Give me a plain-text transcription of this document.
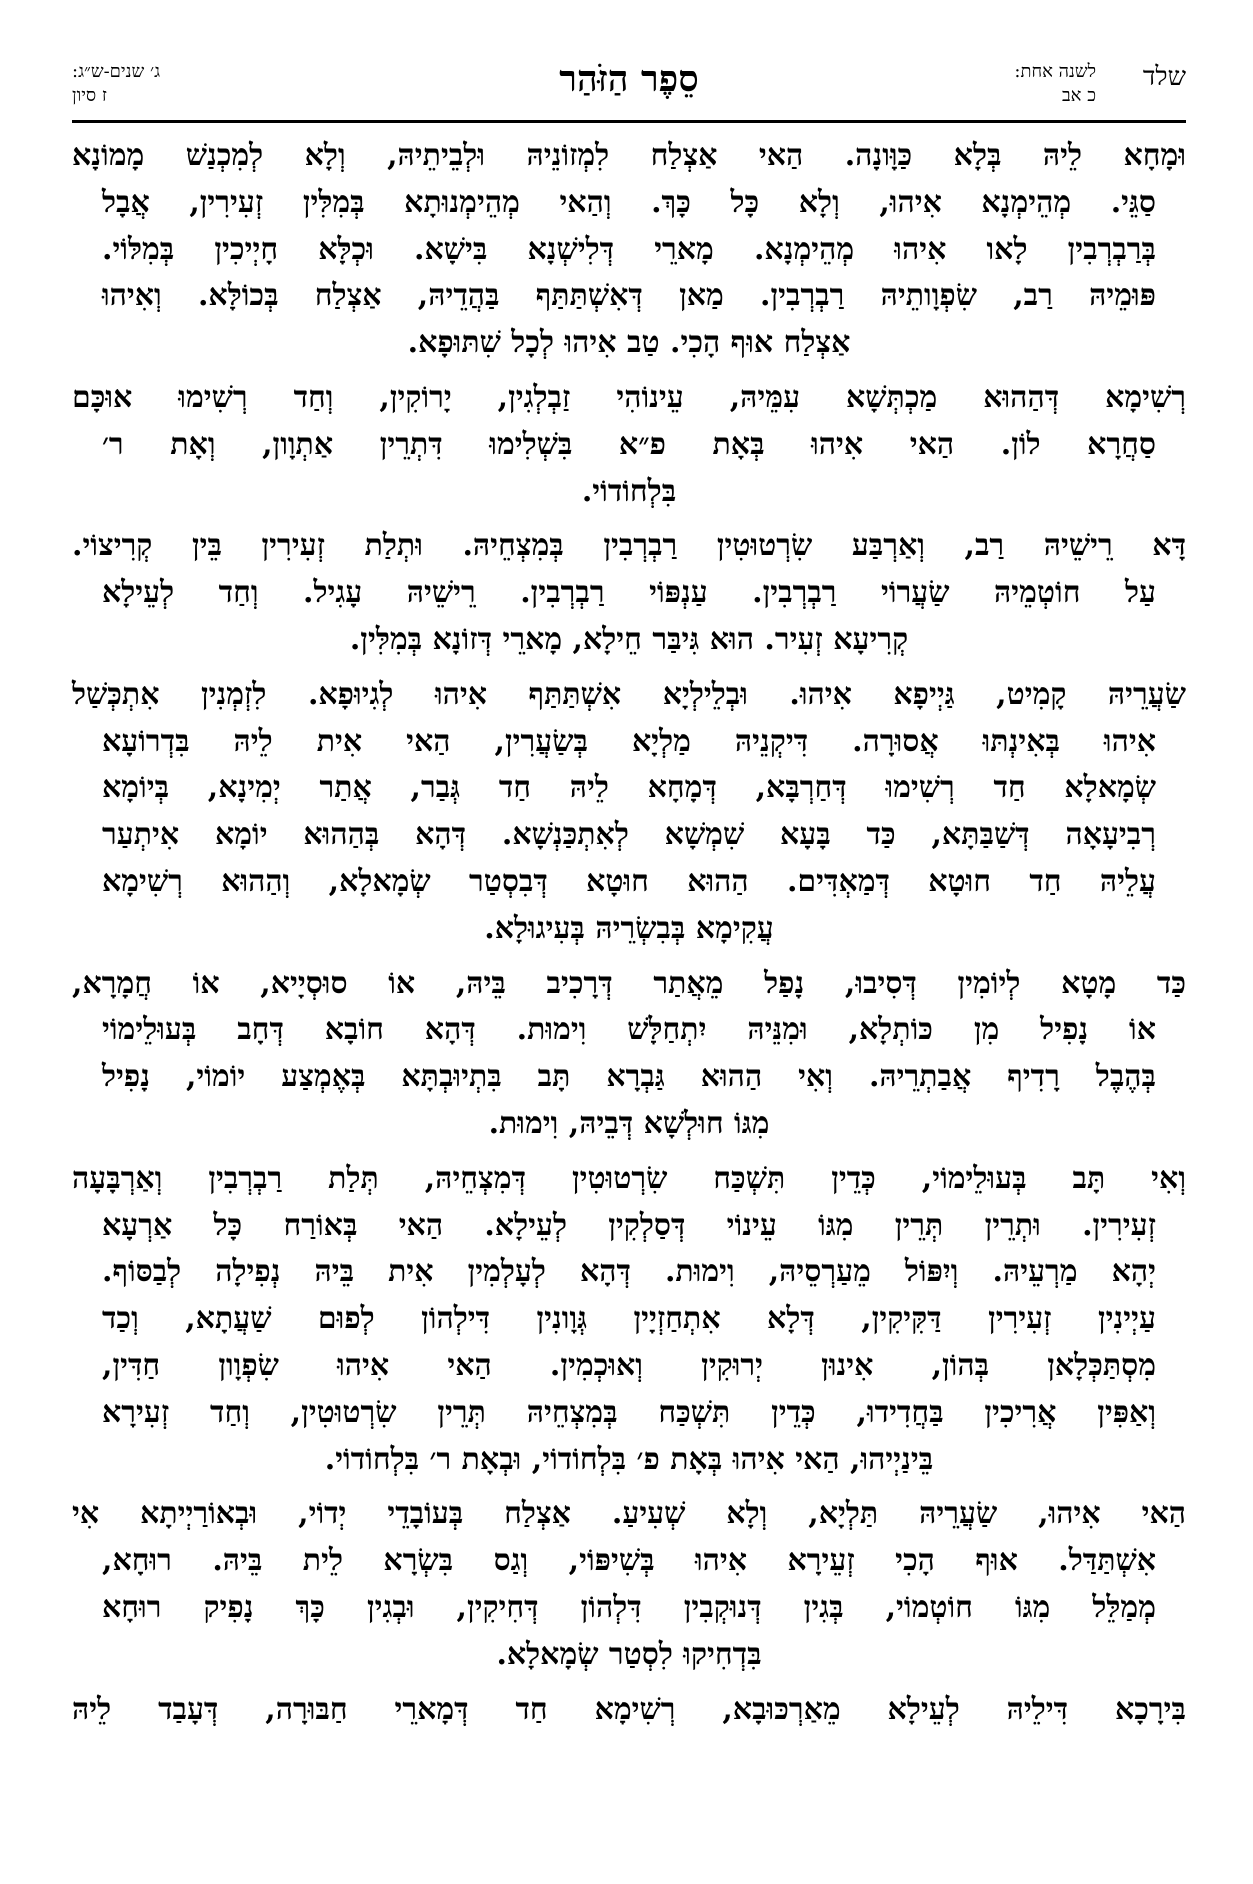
שלד
לשנה אחת:
כ אב
סֵפֶר הַזֹּהַר
ג׳ שנים-ש״ג:
ז סיון
וּמָחָא לֵיהּ בְּלָא כַּוָּונָה. הַאי אַצְלַח לִמְזוֹנֵיהּ וּלְבֵיתֵיהּ, וְלָא לְמִכְנַשׁ מָמוֹנָא
סַגֵּי. מְהֵימְנָא אִיהוּ, וְלָא כָּל כָּךְ. וְהַאי מְהֵימְנוּתָא בְּמִלִּין זְעִירִין, אֲבָל
בְּרַבְרְבִין לָאו אִיהוּ מְהֵימְנָא. מָארֵי דְּלִישְׁנָא בִּישָׁא. וּכְלָּא חָיְיכִין בְּמִלּוֹי.
פּוּמֵיהּ רַב, שִׂפְוָותֵיהּ רַבְרְבִין. מַאן דְּאִשְׁתַּתַּף בַּהֲדֵיהּ, אַצְלַח בְּכוֹלָּא. וְאִיהוּ
אַצְלַח אוּף הָכִי. טַב אִיהוּ לְכָל שִׁתּוּפָא.
רְשִׁימָא דְּהַהוּא מַכְתְּשָׁא עִמֵּיהּ, עֵינוֹהִי זַבְלְגִין, יָרוֹקִין, וְחַד רְשִׁימוּ אוּכָּם
סַחֲרָא לוֹן. הַאי אִיהוּ בְּאָת פ״א בִּשְׁלִימוּ דִּתְרֵין אַתְוָון, וְאָת ר׳
בִּלְחוֹדוֹי.
דָּא רֵישֵׁיהּ רַב, וְאַרְבַּע שִׂרְטוּטִין רַבְרְבִין בְּמִצְחֵיהּ. וּתְלַת זְעִירִין בֵּין קְרִיצוֹי.
עַל חוֹטְמֵיהּ שַׂעֲרוֹי רַבְרְבִין. עַנְפּוֹי רַבְרְבִין. רֵישֵׁיהּ עָגִיל. וְחַד לְעֵילָא
קְרִיעָא זְעִיר. הוּא גִּיבַּר חֵילָא, מָארֵי דְּזוֹנָא בְּמִלִּין.
שַׂעֲרֵיהּ קָמִיט, גַּיְיפָא אִיהוּ. וּבְלֵילְיָא אִשְׁתַּתַּף אִיהוּ לְגִיוּפָא. לִזְמְנִין אִתְכְּשַׁל
אִיהוּ בְּאִינְתּוּ אֲסוּרָה. דִּיקְנֵיהּ מַלְיָא בְּשַׂעֲרִין, הַאי אִית לֵיהּ בִּדְרוֹעָא
שְׂמָאלָא חַד רְשִׁימוּ דְּחַרְבָּא, דְּמָחָא לֵיהּ חַד גְּבַר, אֲתַר יְמִינָא, בְּיוֹמָא
רְבִיעָאָה דְּשַׁבַּתָּא, כַּד בָּעָא שִׁמְשָׁא לְאִתְכַּנְשָׁא. דְּהָא בְּהַהוּא יוֹמָא אִיתְעַר
עֲלֵיהּ חַד חוּטָא דְּמַאְדִּים. הַהוּא חוּטָא דְּבִסְטַר שְׂמָאלָא, וְהַהוּא רְשִׁימָא
עֲקִימָא בְּבִשְׂרֵיהּ בְּעִיגוּלָא.
כַּד מָטָא לְיוֹמִין דְּסִיבוּ, נָפַל מֵאֲתַר דְּרָכִיב בֵּיהּ, אוֹ סוּסְיָיא, אוֹ חֲמָרָא,
אוֹ נָפִיל מִן כּוֹתְלָא, וּמִנֵּיהּ יִתְחַלָּשׁ וִימוּת. דְּהָא חוֹבָא דְּחָב בְּעוּלֵימוֹי
בְּהֶבֶל רָדִיף אֲבַתְרֵיהּ. וְאִי הַהוּא גַּבְרָא תָּב בִּתְיוּבְתָּא בְּאֶמְצַע יוֹמוֹי, נָפִיל
מִגּוֹ חוּלְשָׁא דְּבֵיהּ, וִימוּת.
וְאִי תָּב בְּעוּלֵימוֹי, כְּדֵין תִּשְׁכַּח שִׂרְטוּטִין דְּמִצְחֵיהּ, תְּלַת רַבְרְבִין וְאַרְבָּעָה
זְעִירִין. וּתְרֵין תְּרֵין מִגּוֹ עֵינוֹי דְּסַלְקִין לְעֵילָא. הַאי בְּאוֹרַח כָּל אַרְעָא
יְהָא מַרְעֵיהּ. וְיִפּוֹל מֵעַרְסֵיהּ, וִימוּת. דְּהָא לְעָלְמִין אִית בֵּיהּ נְפִילָה לְבַסּוֹף.
עַיְינִין זְעִירִין דַּקִּיקִין, דְּלָא אִתְחַזְיָין גְּוָונִין דִּילְהוֹן לְפוּם שַׁעֲתָא, וְכַד
מִסְתַּכְּלָאן בְּהוֹן, אִינוּן יְרוּקִין וְאוּכְמִין. הַאי אִיהוּ שִׂפְוָון חַדִּין,
וְאַפִּין אֲרִיכִין בַּחֲדִידוּ, כְּדֵין תִּשְׁכַּח בְּמִצְחֵיהּ תְּרֵין שִׂרְטוּטִין, וְחַד זְעִירָא
בֵּינַיְיהוּ, הַאי אִיהוּ בְּאָת פ׳ בִּלְחוֹדוֹי, וּבְאָת ר׳ בִּלְחוֹדוֹי.
הַאי אִיהוּ, שַׂעֲרֵיהּ תַּלְיָא, וְלָא שְׁעִיעַ. אַצְלַח בְּעוֹבָדֵי יְדוֹי, וּבְאוֹרַיְיתָא אִי
אִשְׁתַּדַּל. אוּף הָכִי זְעֵירָא אִיהוּ בְּשִׁיפּוֹי, וְגַס בִּשְׂרָא לֵית בֵּיהּ. רוּחָא,
מְמַלֵּל מִגּוֹ חוֹטְמוֹי, בְּגִין דְּנוּקְבִין דִּלְהוֹן דְּחִיקִין, וּבְגִין כָּךְ נָפִיק רוּחָא
בִּדְחִיקוּ לִסְטַר שְׂמָאלָא.
בִּירָכָא דִּילֵיהּ לְעֵילָא מֵאַרְכּוּבָא, רְשִׁימָא חַד דְּמָארֵי חַבּוּרָה, דְּעָבַד לֵיהּ
